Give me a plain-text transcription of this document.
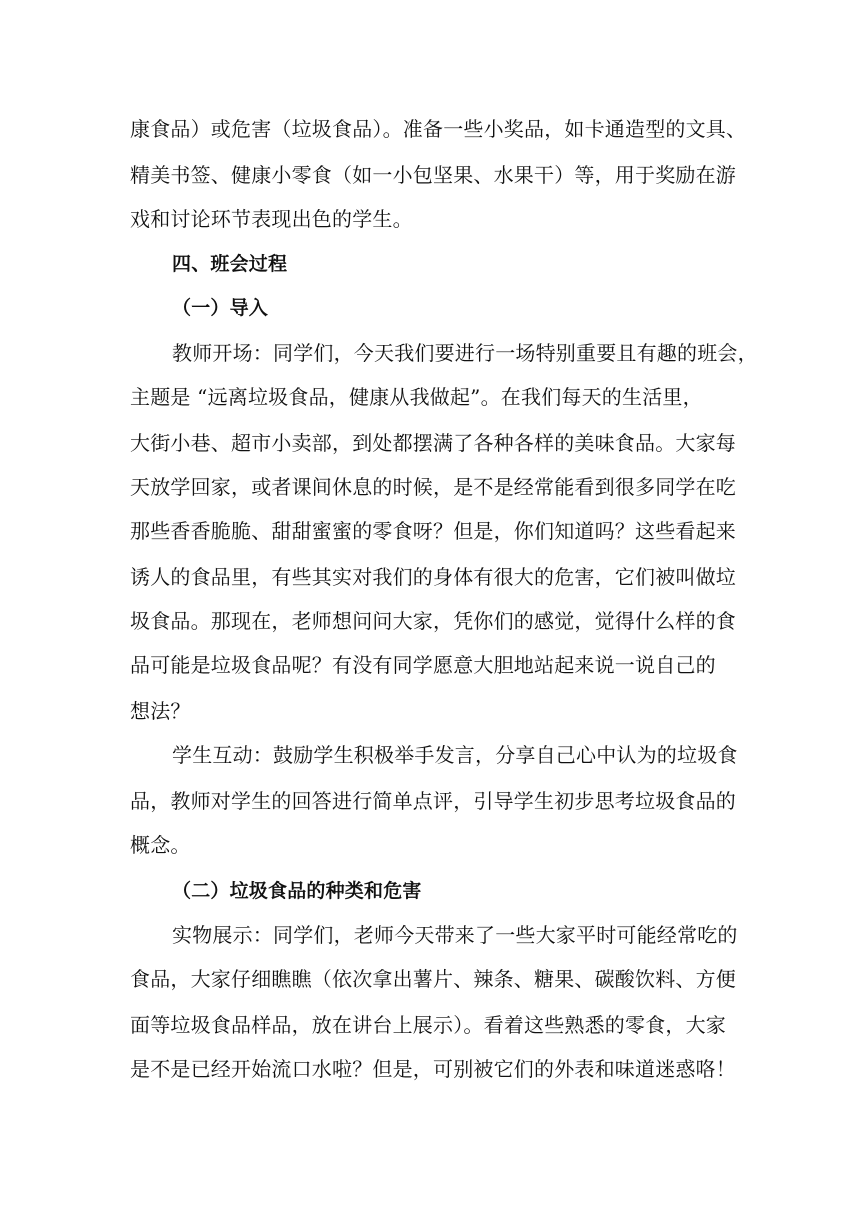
康食品）或危害（垃圾食品）。准备一些小奖品，如卡通造型的文具、
精美书签、健康小零食（如一小包坚果、水果干）等，用于奖励在游
戏和讨论环节表现出色的学生。
四、班会过程
（一）导入
教师开场：同学们，今天我们要进行一场特别重要且有趣的班会，
主题是 “远离垃圾食品，健康从我做起”。在我们每天的生活里，
大街小巷、超市小卖部，到处都摆满了各种各样的美味食品。大家每
天放学回家，或者课间休息的时候，是不是经常能看到很多同学在吃
那些香香脆脆、甜甜蜜蜜的零食呀？但是，你们知道吗？这些看起来
诱人的食品里，有些其实对我们的身体有很大的危害，它们被叫做垃
圾食品。那现在，老师想问问大家，凭你们的感觉，觉得什么样的食
品可能是垃圾食品呢？有没有同学愿意大胆地站起来说一说自己的
想法？
学生互动：鼓励学生积极举手发言，分享自己心中认为的垃圾食
品，教师对学生的回答进行简单点评，引导学生初步思考垃圾食品的
概念。
（二）垃圾食品的种类和危害
实物展示：同学们，老师今天带来了一些大家平时可能经常吃的
食品，大家仔细瞧瞧（依次拿出薯片、辣条、糖果、碳酸饮料、方便
面等垃圾食品样品，放在讲台上展示）。看着这些熟悉的零食，大家
是不是已经开始流口水啦？但是，可别被它们的外表和味道迷惑咯！
